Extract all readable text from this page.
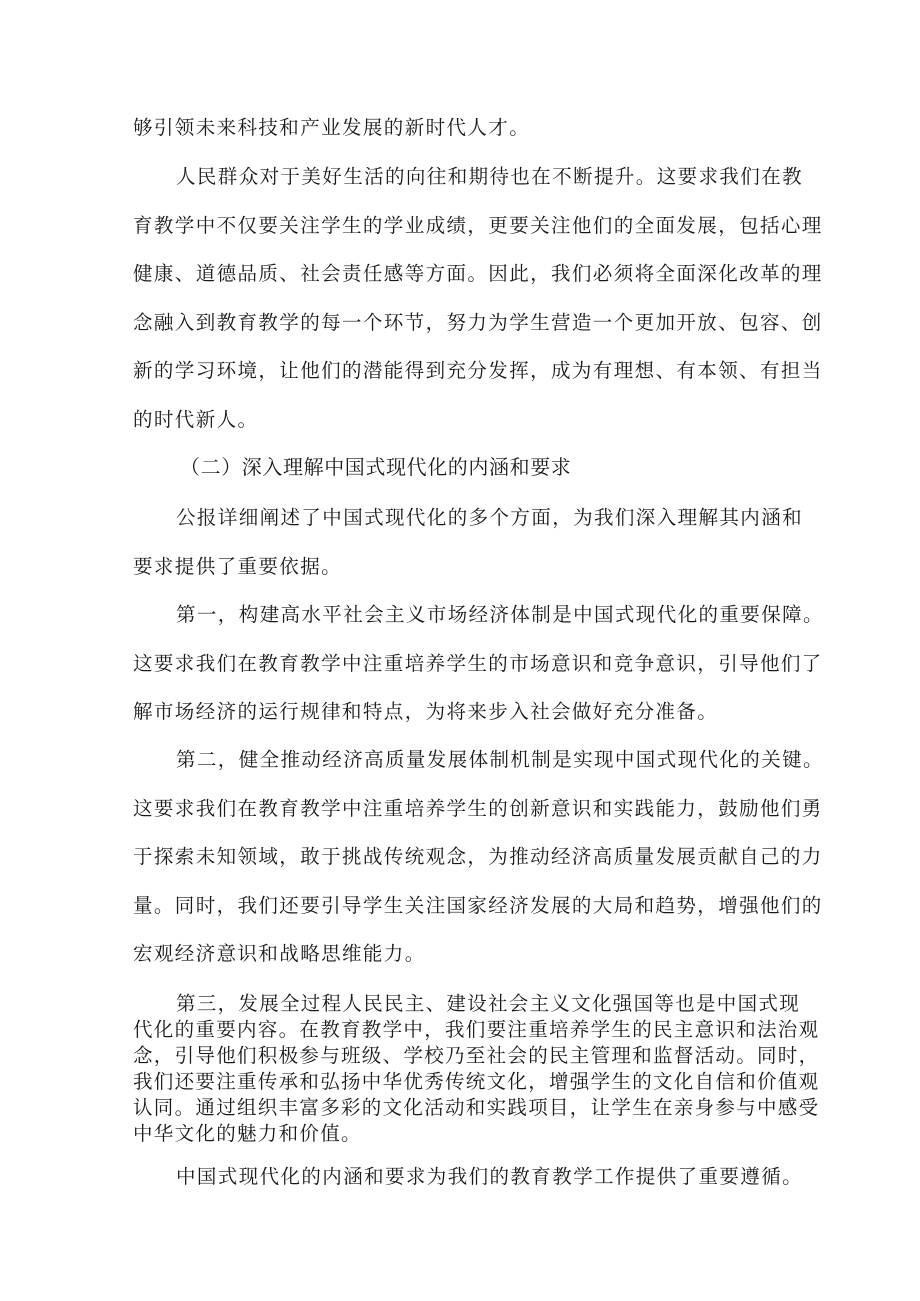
够引领未来科技和产业发展的新时代人才。

人民群众对于美好生活的向往和期待也在不断提升。这要求我们在教
育教学中不仅要关注学生的学业成绩，更要关注他们的全面发展，包括心理
健康、道德品质、社会责任感等方面。因此，我们必须将全面深化改革的理
念融入到教育教学的每一个环节，努力为学生营造一个更加开放、包容、创
新的学习环境，让他们的潜能得到充分发挥，成为有理想、有本领、有担当
的时代新人。

（二）深入理解中国式现代化的内涵和要求

公报详细阐述了中国式现代化的多个方面，为我们深入理解其内涵和
要求提供了重要依据。

第一，构建高水平社会主义市场经济体制是中国式现代化的重要保障。
这要求我们在教育教学中注重培养学生的市场意识和竞争意识，引导他们了
解市场经济的运行规律和特点，为将来步入社会做好充分准备。

第二，健全推动经济高质量发展体制机制是实现中国式现代化的关键。
这要求我们在教育教学中注重培养学生的创新意识和实践能力，鼓励他们勇
于探索未知领域，敢于挑战传统观念，为推动经济高质量发展贡献自己的力
量。同时，我们还要引导学生关注国家经济发展的大局和趋势，增强他们的
宏观经济意识和战略思维能力。

第三，发展全过程人民民主、建设社会主义文化强国等也是中国式现
代化的重要内容。在教育教学中，我们要注重培养学生的民主意识和法治观
念，引导他们积极参与班级、学校乃至社会的民主管理和监督活动。同时，
我们还要注重传承和弘扬中华优秀传统文化，增强学生的文化自信和价值观
认同。通过组织丰富多彩的文化活动和实践项目，让学生在亲身参与中感受
中华文化的魅力和价值。

中国式现代化的内涵和要求为我们的教育教学工作提供了重要遵循。
